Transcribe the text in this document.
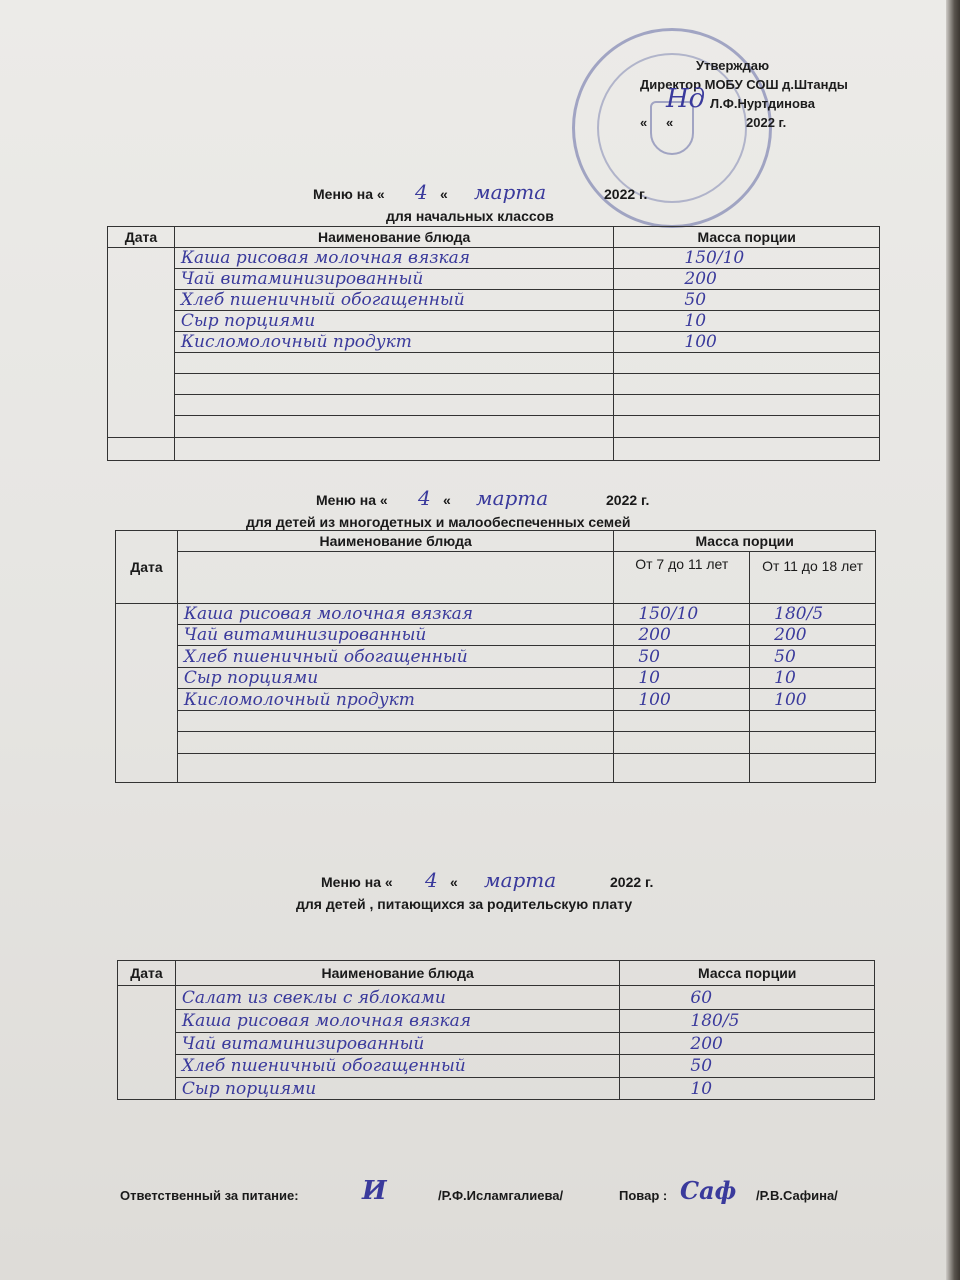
Утверждаю
Директор МОБУ СОШ д.Штанды
Л.Ф.Нуртдинова
« «	2022 г.
Нд
Меню на « 4 « марта	2022 г.
для начальных классов
Дата	Наименование блюда	Масса порции
	Каша рисовая молочная вязкая	150/10
	Чай витаминизированный	200
	Хлеб пшеничный обогащенный	50
	Сыр порциями	10
	Кисломолочный продукт	100

Меню на « 4 « марта	2022 г.
для детей из многодетных и малообеспеченных семей
Дата	Наименование блюда	Масса порции	
		От 7 до 11 лет	От 11 до 18 лет
	Каша рисовая молочная вязкая	150/10	180/5
	Чай витаминизированный	200	200
	Хлеб пшеничный обогащенный	50	50
	Сыр порциями	10	10
	Кисломолочный продукт	100	100

Меню на « 4 « марта	2022 г.
для детей , питающихся за родительскую плату
Дата	Наименование блюда	Масса порции
	Салат из свеклы с яблоками	60
	Каша рисовая молочная вязкая	180/5
	Чай витаминизированный	200
	Хлеб пшеничный обогащенный	50
	Сыр порциями	10
Ответственный за питание: И	/Р.Ф.Исламгалиева/	Повар : Саф /Р.В.Сафина/
